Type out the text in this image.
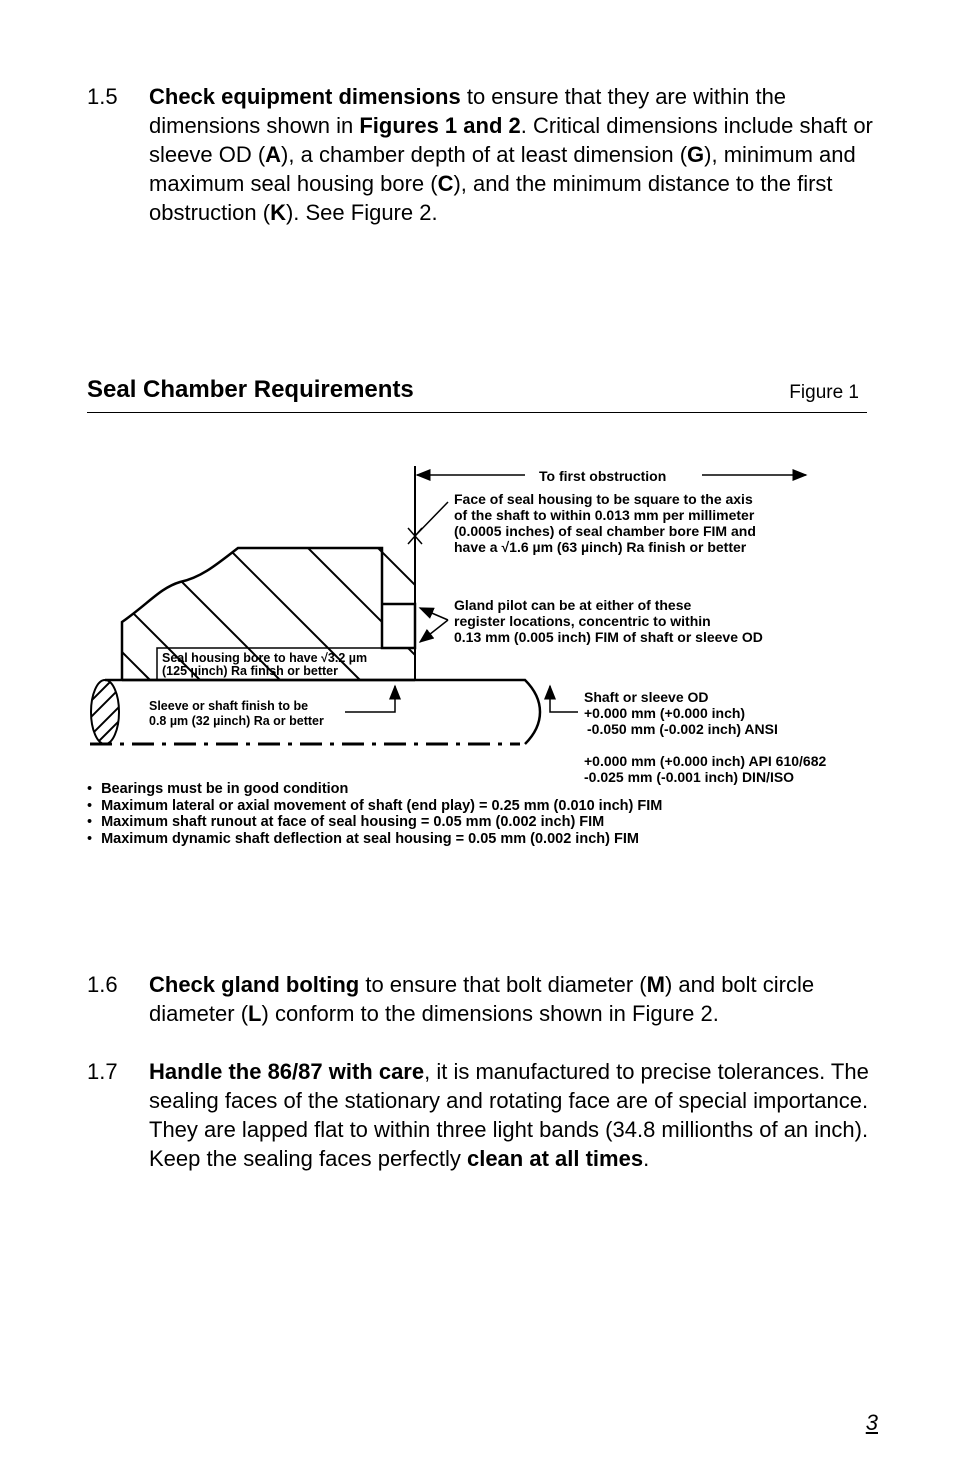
1.5 Check equipment dimensions to ensure that they are within the dimensions shown in Figures 1 and 2. Critical dimensions include shaft or sleeve OD (A), a chamber depth of at least dimension (G), minimum and maximum seal housing bore (C), and the minimum distance to the first obstruction (K). See Figure 2.
Seal Chamber Requirements	Figure 1
To first obstruction
Face of seal housing to be square to the axis
of the shaft to within 0.013 mm per millimeter
(0.0005 inches) of seal chamber bore FIM and
have a √1.6 µm (63 µinch) Ra finish or better
Gland pilot can be at either of these
register locations, concentric to within
0.13 mm (0.005 inch) FIM of shaft or sleeve OD
Seal housing bore to have √3.2 µm
(125 µinch) Ra finish or better
Sleeve or shaft finish to be
0.8 µm (32 µinch) Ra or better
Shaft or sleeve OD
+0.000 mm (+0.000 inch)
-0.050 mm (-0.002 inch) ANSI
+0.000 mm (+0.000 inch) API 610/682
-0.025 mm (-0.001 inch) DIN/ISO
• Bearings must be in good condition
• Maximum lateral or axial movement of shaft (end play) = 0.25 mm (0.010 inch) FIM
• Maximum shaft runout at face of seal housing = 0.05 mm (0.002 inch) FIM
• Maximum dynamic shaft deflection at seal housing = 0.05 mm (0.002 inch) FIM
1.6 Check gland bolting to ensure that bolt diameter (M) and bolt circle diameter (L) conform to the dimensions shown in Figure 2.
1.7 Handle the 86/87 with care, it is manufactured to precise tolerances. The sealing faces of the stationary and rotating face are of special importance. They are lapped flat to within three light bands (34.8 millionths of an inch). Keep the sealing faces perfectly clean at all times.
3
